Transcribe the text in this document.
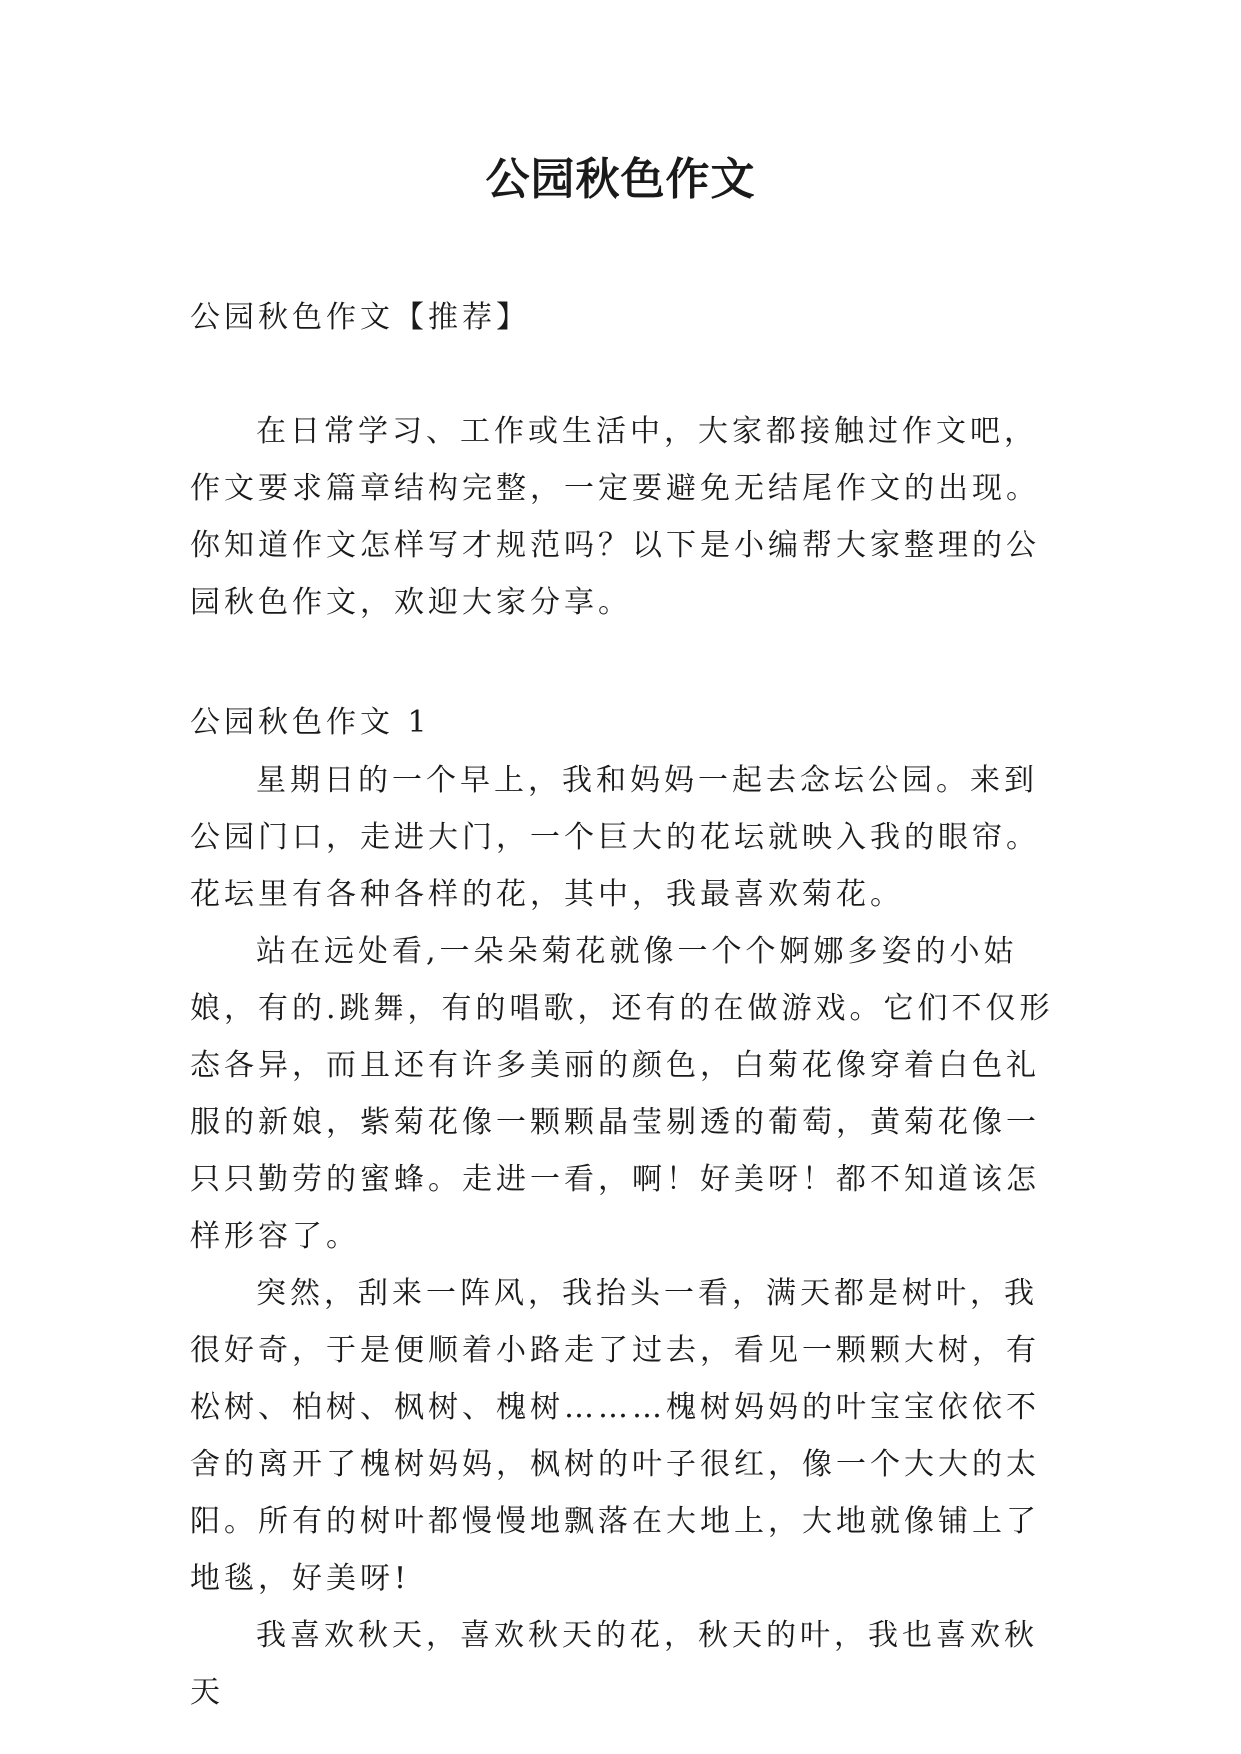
公园秋色作文
公园秋色作文【推荐】

在日常学习、工作或生活中，大家都接触过作文吧，作文要求篇章结构完整，一定要避免无结尾作文的出现。你知道作文怎样写才规范吗？以下是小编帮大家整理的公园秋色作文，欢迎大家分享。

公园秋色作文 1

星期日的一个早上，我和妈妈一起去念坛公园。来到公园门口，走进大门，一个巨大的花坛就映入我的眼帘。花坛里有各种各样的花，其中，我最喜欢菊花。

站在远处看,一朵朵菊花就像一个个婀娜多姿的小姑娘，有的.跳舞，有的唱歌，还有的在做游戏。它们不仅形态各异，而且还有许多美丽的颜色，白菊花像穿着白色礼服的新娘，紫菊花像一颗颗晶莹剔透的葡萄，黄菊花像一只只勤劳的蜜蜂。走进一看，啊！好美呀！都不知道该怎样形容了。

突然，刮来一阵风，我抬头一看，满天都是树叶，我很好奇，于是便顺着小路走了过去，看见一颗颗大树，有松树、柏树、枫树、槐树………槐树妈妈的叶宝宝依依不舍的离开了槐树妈妈，枫树的叶子很红，像一个大大的太阳。所有的树叶都慢慢地飘落在大地上，大地就像铺上了地毯，好美呀!

我喜欢秋天，喜欢秋天的花，秋天的叶，我也喜欢秋天
